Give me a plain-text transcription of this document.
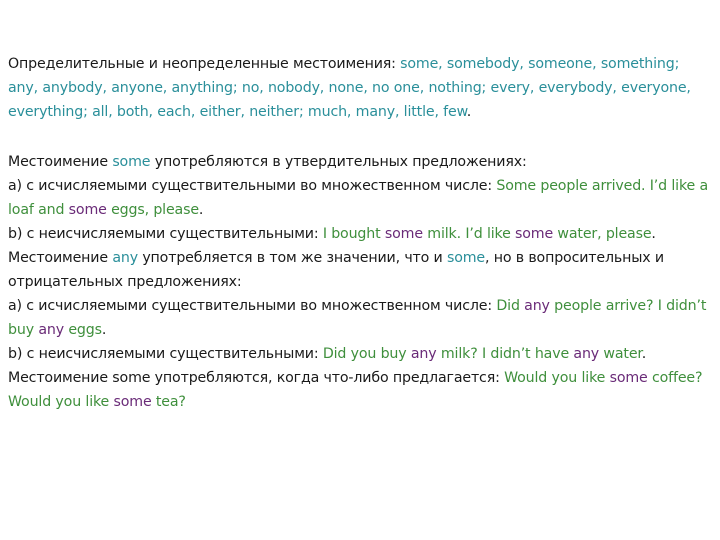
Определительные и неопределенные местоимения: some, somebody, someone, something; any, anybody, anyone, anything; no, nobody, none, no one, nothing; every, everybody, everyone, everything; all, both, each, either, neither; much, many, little, few.

Местоимение some употребляются в утвердительных предложениях:

a) с исчисляемыми существительными во множественном числе: Some people arrived. I’d like a loaf and some eggs, please.

b) с неисчисляемыми существительными: I bought some milk. I’d like some water, please.

Местоимение any употребляется в том же значении, что и some, но в вопросительных и отрицательных предложениях:

a) с исчисляемыми существительными во множественном числе: Did any people arrive? I didn’t buy any eggs.

b) с неисчисляемыми существительными: Did you buy any milk? I didn’t have any water.

Местоимение some употребляются, когда что-либо предлагается: Would you like some coffee? Would you like some tea?
